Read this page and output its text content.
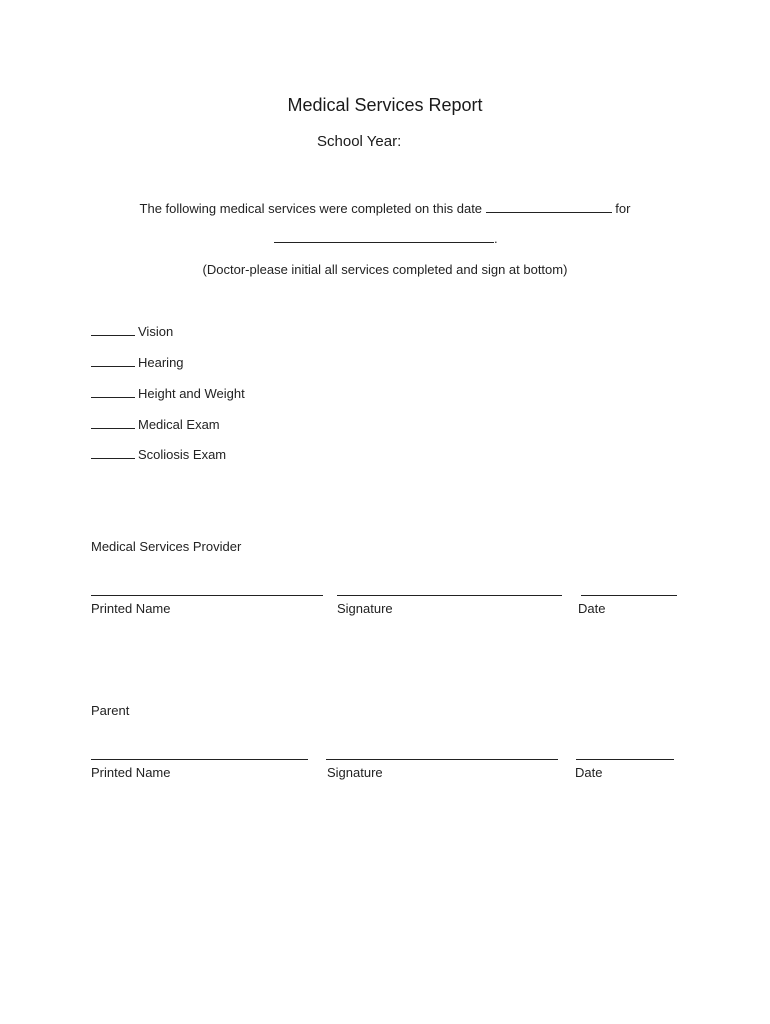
Medical Services Report
School Year:
The following medical services were completed on this date	for
.
(Doctor-please initial all services completed and sign at bottom)
Vision
Hearing
Height and Weight
Medical Exam
Scoliosis Exam
Medical Services Provider
Printed Name	Signature	Date
Parent
Printed Name	Signature	Date
